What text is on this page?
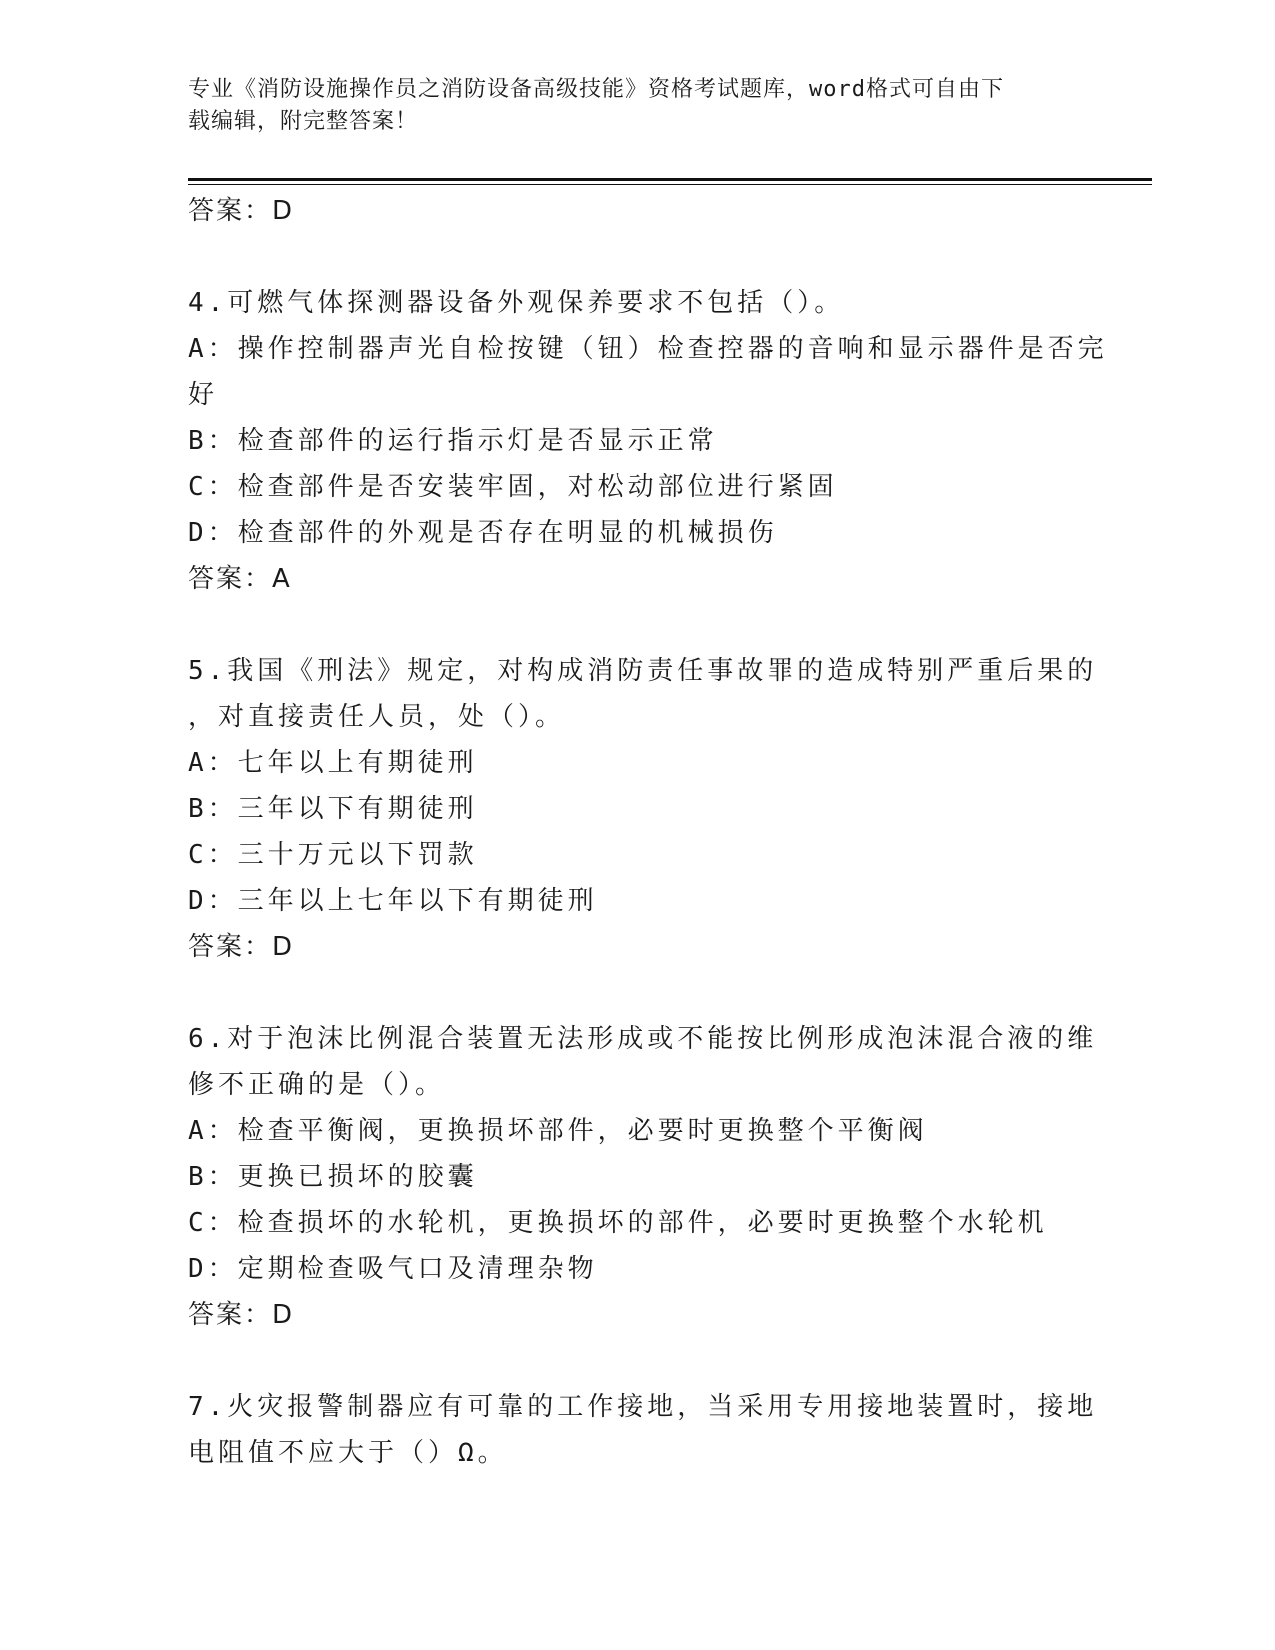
专业《消防设施操作员之消防设备高级技能》资格考试题库，word格式可自由下
载编辑，附完整答案！
答案：D
4.可燃气体探测器设备外观保养要求不包括（）。
A：操作控制器声光自检按键（钮）检查控器的音响和显示器件是否完
好
B：检查部件的运行指示灯是否显示正常
C：检查部件是否安装牢固，对松动部位进行紧固
D：检查部件的外观是否存在明显的机械损伤
答案：A
5.我国《刑法》规定，对构成消防责任事故罪的造成特别严重后果的
，对直接责任人员，处（）。
A：七年以上有期徒刑
B：三年以下有期徒刑
C：三十万元以下罚款
D：三年以上七年以下有期徒刑
答案：D
6.对于泡沫比例混合装置无法形成或不能按比例形成泡沫混合液的维
修不正确的是（）。
A：检查平衡阀，更换损坏部件，必要时更换整个平衡阀
B：更换已损坏的胶囊
C：检查损坏的水轮机，更换损坏的部件，必要时更换整个水轮机
D：定期检查吸气口及清理杂物
答案：D
7.火灾报警制器应有可靠的工作接地，当采用专用接地装置时，接地
电阻值不应大于（）Ω。
